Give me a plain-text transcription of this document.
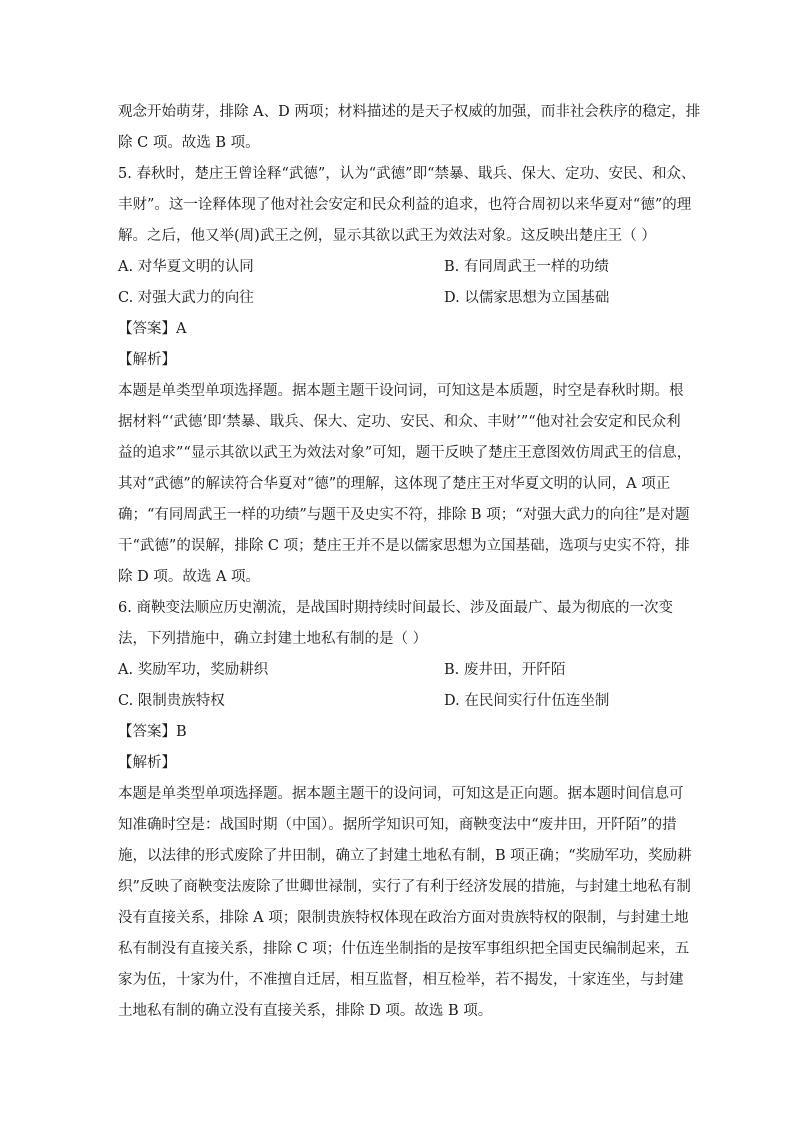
观念开始萌芽，排除 A、D 两项；材料描述的是天子权威的加强，而非社会秩序的稳定，排

除 C 项。故选 B 项。

5. 春秋时，楚庄王曾诠释“武德”，认为“武德”即“禁暴、戢兵、保大、定功、安民、和众、

丰财”。这一诠释体现了他对社会安定和民众利益的追求，也符合周初以来华夏对“德”的理

解。之后，他又举(周)武王之例，显示其欲以武王为效法对象。这反映出楚庄王（ ）

A. 对华夏文明的认同	B. 有同周武王一样的功绩
C. 对强大武力的向往	D. 以儒家思想为立国基础

【答案】A

【解析】

本题是单类型单项选择题。据本题主题干设问词，可知这是本质题，时空是春秋时期。根

据材料“‘武德’即‘禁暴、戢兵、保大、定功、安民、和众、丰财’”“他对社会安定和民众利

益的追求”“显示其欲以武王为效法对象”可知，题干反映了楚庄王意图效仿周武王的信息，

其对“武德”的解读符合华夏对“德”的理解，这体现了楚庄王对华夏文明的认同，A 项正

确；“有同周武王一样的功绩”与题干及史实不符，排除 B 项；“对强大武力的向往”是对题

干“武德”的误解，排除 C 项；楚庄王并不是以儒家思想为立国基础，选项与史实不符，排

除 D 项。故选 A 项。

6. 商鞅变法顺应历史潮流，是战国时期持续时间最长、涉及面最广、最为彻底的一次变

法，下列措施中，确立封建土地私有制的是（ ）

A. 奖励军功，奖励耕织	B. 废井田，开阡陌
C. 限制贵族特权	D. 在民间实行什伍连坐制

【答案】B

【解析】

本题是单类型单项选择题。据本题主题干的设问词，可知这是正向题。据本题时间信息可

知准确时空是：战国时期（中国）。据所学知识可知，商鞅变法中“废井田，开阡陌”的措

施，以法律的形式废除了井田制，确立了封建土地私有制，B 项正确；“奖励军功，奖励耕

织”反映了商鞅变法废除了世卿世禄制，实行了有利于经济发展的措施，与封建土地私有制

没有直接关系，排除 A 项；限制贵族特权体现在政治方面对贵族特权的限制，与封建土地

私有制没有直接关系，排除 C 项；什伍连坐制指的是按军事组织把全国吏民编制起来，五

家为伍，十家为什，不准擅自迁居，相互监督，相互检举，若不揭发，十家连坐，与封建

土地私有制的确立没有直接关系，排除 D 项。故选 B 项。
